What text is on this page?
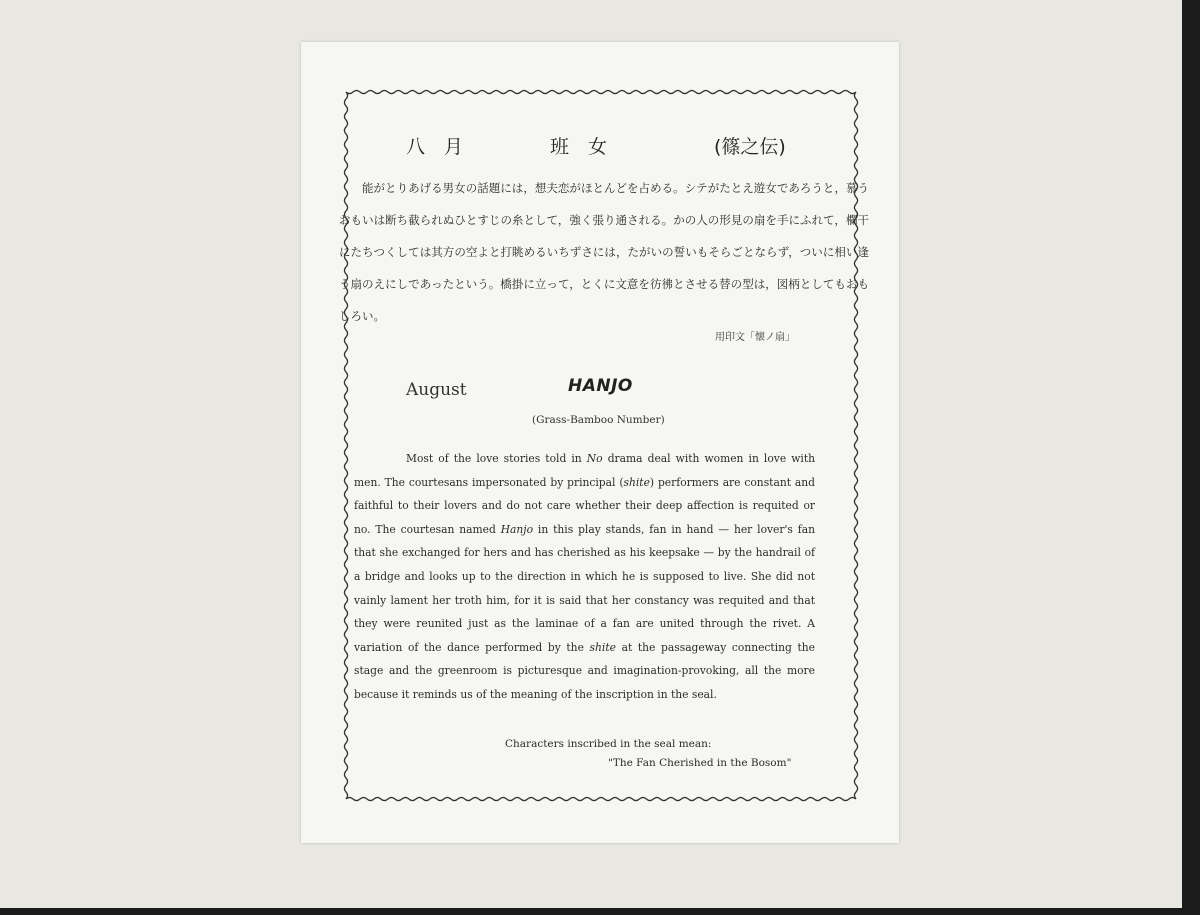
八　月	班　女	(篠之伝)

能がとりあげる男女の話題には，想夫恋がほとんどを占める。シテがたとえ遊女であろうと，慕うおもいは断ち截られぬひとすじの糸として，強く張り通される。かの人の形見の扇を手にふれて，欄干にたちつくしては其方の空よと打眺めるいちずさには，たがいの誓いもそらごとならず，ついに相い逢う扇のえにしであったという。橋掛に立って，とくに文意を彷彿とさせる替の型は，図柄としてもおもしろい。

用印文「懐ノ扇」
August	HANJO
(Grass-Bamboo Number)

Most of the love stories told in No drama deal with women in love with men. The courtesans impersonated by principal (shite) performers are constant and faithful to their lovers and do not care whether their deep affection is requited or no. The courtesan named Hanjo in this play stands, fan in hand — her lover's fan that she exchanged for hers and has cherished as his keepsake — by the handrail of a bridge and looks up to the direction in which he is supposed to live. She did not vainly lament her troth him, for it is said that her constancy was requited and that they were reunited just as the laminae of a fan are united through the rivet. A variation of the dance performed by the shite at the passageway connecting the stage and the greenroom is picturesque and imagination-provoking, all the more because it reminds us of the meaning of the inscription in the seal.

Characters inscribed in the seal mean:
"The Fan Cherished in the Bosom"
